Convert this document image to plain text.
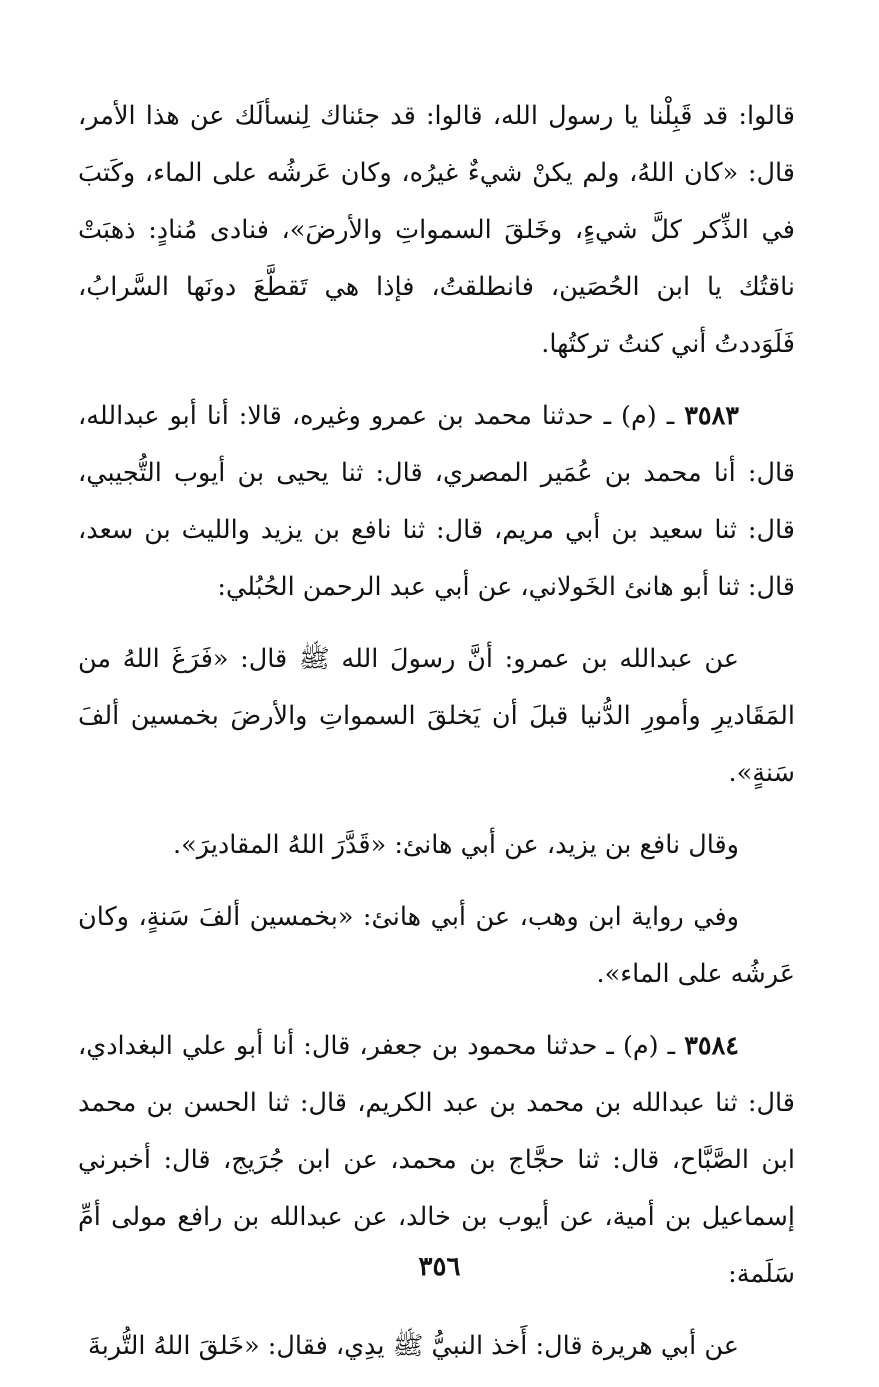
قالوا: قد قَبِلْنا يا رسول الله، قالوا: قد جئناك لِنسألَك عن هذا الأمر، قال: «كان اللهُ، ولم يكنْ شيءٌ غيرُه، وكان عَرشُه على الماء، وكَتبَ في الذِّكر كلَّ شيءٍ، وخَلقَ السمواتِ والأرضَ»، فنادى مُنادٍ: ذهبَتْ ناقتُك يا ابن الحُصَين، فانطلقتُ، فإذا هي تَقطَّعَ دونَها السَّرابُ، فَلَوَددتُ أني كنتُ تركتُها.

٣٥٨٣ ـ (م) ـ حدثنا محمد بن عمرو وغيره، قالا: أنا أبو عبدالله، قال: أنا محمد بن عُمَير المصري، قال: ثنا يحيى بن أيوب التُّجيبي، قال: ثنا سعيد بن أبي مريم، قال: ثنا نافع بن يزيد والليث بن سعد، قال: ثنا أبو هانئ الخَولاني، عن أبي عبد الرحمن الحُبُلي:

عن عبدالله بن عمرو: أنَّ رسولَ الله ﷺ قال: «فَرَغَ اللهُ من المَقَاديرِ وأمورِ الدُّنيا قبلَ أن يَخلقَ السمواتِ والأرضَ بخمسين ألفَ سَنةٍ».

وقال نافع بن يزيد، عن أبي هانئ: «قَدَّرَ اللهُ المقاديرَ».

وفي رواية ابن وهب، عن أبي هانئ: «بخمسين ألفَ سَنةٍ، وكان عَرشُه على الماء».

٣٥٨٤ ـ (م) ـ حدثنا محمود بن جعفر، قال: أنا أبو علي البغدادي، قال: ثنا عبدالله بن محمد بن عبد الكريم، قال: ثنا الحسن بن محمد ابن الصَّبَّاح، قال: ثنا حجَّاج بن محمد، عن ابن جُرَيج، قال: أخبرني إسماعيل بن أمية، عن أيوب بن خالد، عن عبدالله بن رافع مولى أمِّ سَلَمة:

عن أبي هريرة قال: أَخذ النبيُّ ﷺ يدِي، فقال: «خَلقَ اللهُ التُّربةَ

٣٥٦
